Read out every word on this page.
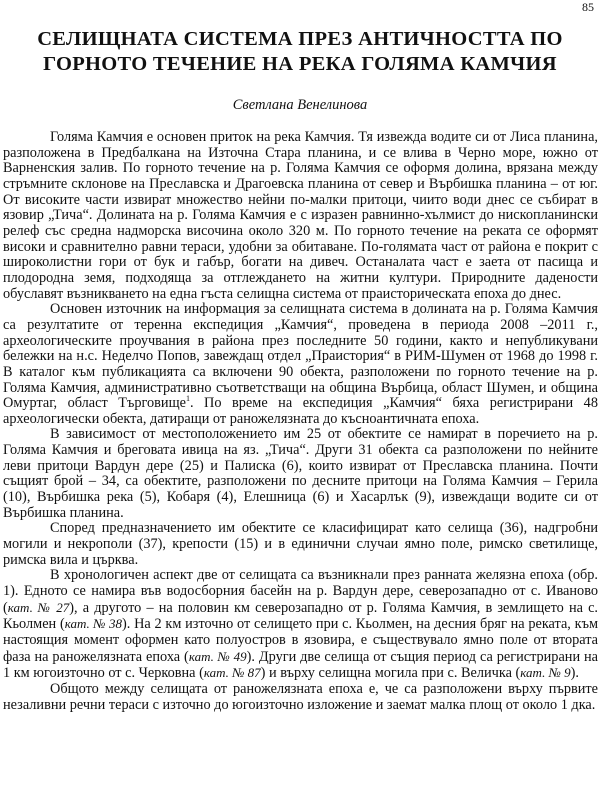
85
СЕЛИЩНАТА СИСТЕМА ПРЕЗ АНТИЧНОСТТА ПО
ГОРНОТО ТЕЧЕНИЕ НА РЕКА ГОЛЯМА КАМЧИЯ
Светлана Венелинова

Голяма Камчия е основен приток на река Камчия. Тя извежда водите си от Лиса планина, разположена в Предбалкана на Източна Стара планина, и се влива в Черно море, южно от Варненския залив. По горното течение на р. Голяма Камчия се оформя долина, врязана между стръмните склонове на Преславска и Драгоевска планина от север и Върбишка планина – от юг. От високите части извират множество нейни по-малки притоци, чиито води днес се събират в язовир „Тича“. Долината на р. Голяма Камчия е с изразен равнинно-хълмист до нископланински релеф със средна надморска височина около 320 м. По горното течение на реката се оформят високи и сравнително равни тераси, удобни за обитаване. По-голямата част от района е покрит с широколистни гори от бук и габър, богати на дивеч. Останалата част е заета от пасища и плодородна земя, подходяща за отглеждането на житни култури. Природните дадености обуславят възникването на една гъста селищна система от праисторическата епоха до днес.

Основен източник на информация за селищната система в долината на р. Голяма Камчия са резултатите от теренна експедиция „Камчия“, проведена в периода 2008 –2011 г., археологическите проучвания в района през последните 50 години, както и непубликувани бележки на н.с. Неделчо Попов, завеждащ отдел „Праистория“ в РИМ-Шумен от 1968 до 1998 г. В каталог към публикацията са включени 90 обекта, разположени по горното течение на р. Голяма Камчия, административно съответстващи на община Върбица, област Шумен, и община Омуртаг, област Търговище$^1$. По време на експедиция „Камчия“ бяха регистрирани 48 археологически обекта, датиращи от раножелязната до късноантичната епоха.

В зависимост от местоположението им 25 от обектите се намират в поречието на р. Голяма Камчия и бреговата ивица на яз. „Тича“. Други 31 обекта са разположени по нейните леви притоци Вардун дере (25) и Палиска (6), които извират от Преславска планина. Почти същият брой – 34, са обектите, разположени по десните притоци на Голяма Камчия – Герила (10), Върбишка река (5), Кобаря (4), Елешница (6) и Хасарлък (9), извеждащи водите си от Върбишка планина.

Според предназначението им обектите се класифицират като селища (36), надгробни могили и некрополи (37), крепости (15) и в единични случаи ямно поле, римско светилище, римска вила и църква.

В хронологичен аспект две от селищата са възникнали през ранната желязна епоха (обр. 1). Едното се намира във водосборния басейн на р. Вардун дере, северозападно от с. Иваново (кат. № 27), а другото – на половин км северозападно от р. Голяма Камчия, в землището на с. Кьолмен (кат. № 38). На 2 км източно от селището при с. Кьолмен, на десния бряг на реката, към настоящия момент оформен като полуостров в язовира, е съществувало ямно поле от втората фаза на раножелязната епоха (кат. № 49). Други две селища от същия период са регистрирани на 1 км югоизточно от с. Черковна (кат. № 87) и върху селищна могила при с. Величка (кат. № 9).

Общото между селищата от раножелязната епоха е, че са разположени върху първите незаливни речни тераси с източно до югоизточно изложение и заемат малка площ от около 1 дка.
